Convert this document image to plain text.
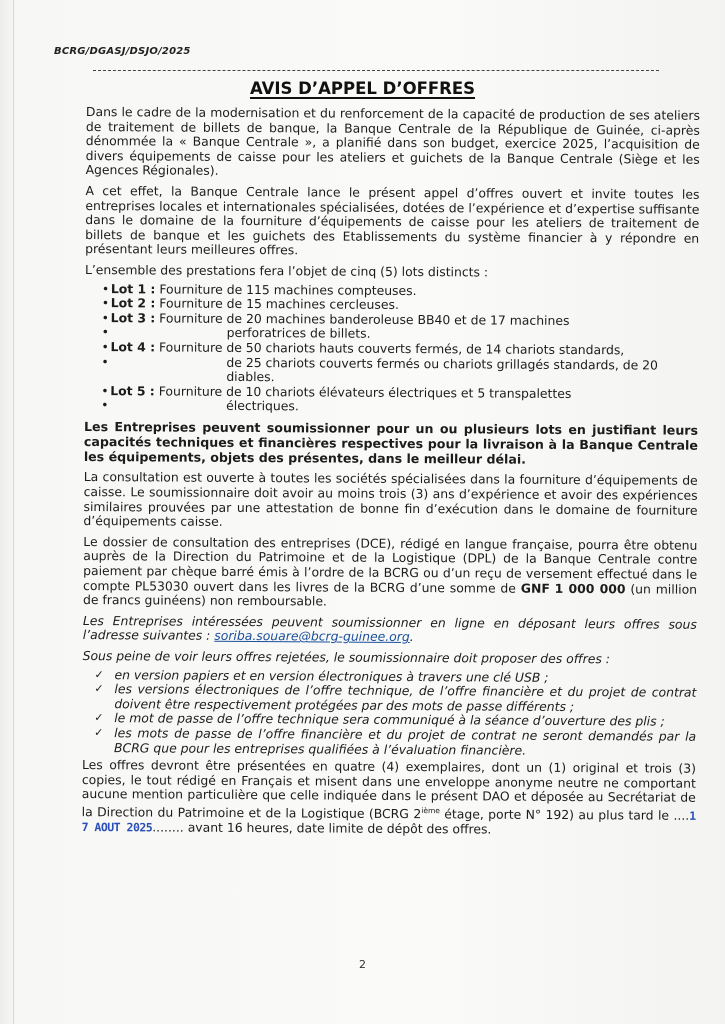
BCRG/DGASJ/DSJO/2025
AVIS D’APPEL D’OFFRES

Dans le cadre de la modernisation et du renforcement de la capacité de production de ses ateliers de traitement de billets de banque, la Banque Centrale de la République de Guinée, ci-après dénommée la « Banque Centrale », a planifié dans son budget, exercice 2025, l’acquisition de divers équipements de caisse pour les ateliers et guichets de la Banque Centrale (Siège et les Agences Régionales).

A cet effet, la Banque Centrale lance le présent appel d’offres ouvert et invite toutes les entreprises locales et internationales spécialisées, dotées de l’expérience et d’expertise suffisante dans le domaine de la fourniture d’équipements de caisse pour les ateliers de traitement de billets de banque et les guichets des Etablissements du système financier à y répondre en présentant leurs meilleures offres.

L’ensemble des prestations fera l’objet de cinq (5) lots distincts :

• Lot 1 : Fourniture de 115 machines compteuses.
• Lot 2 : Fourniture de 15 machines cercleuses.
• Lot 3 : Fourniture de 20 machines banderoleuse BB40 et de 17 machines
•	perforatrices de billets.
• Lot 4 : Fourniture de 50 chariots hauts couverts fermés, de 14 chariots standards,
•	de 25 chariots couverts fermés ou chariots grillagés standards, de 20 diables.
• Lot 5 : Fourniture de 10 chariots élévateurs électriques et 5 transpalettes
•	électriques.

Les Entreprises peuvent soumissionner pour un ou plusieurs lots en justifiant leurs capacités techniques et financières respectives pour la livraison à la Banque Centrale les équipements, objets des présentes, dans le meilleur délai.

La consultation est ouverte à toutes les sociétés spécialisées dans la fourniture d’équipements de caisse. Le soumissionnaire doit avoir au moins trois (3) ans d’expérience et avoir des expériences similaires prouvées par une attestation de bonne fin d’exécution dans le domaine de fourniture d’équipements caisse.

Le dossier de consultation des entreprises (DCE), rédigé en langue française, pourra être obtenu auprès de la Direction du Patrimoine et de la Logistique (DPL) de la Banque Centrale contre paiement par chèque barré émis à l’ordre de la BCRG ou d’un reçu de versement effectué dans le compte PL53030 ouvert dans les livres de la BCRG d’une somme de GNF 1 000 000 (un million de francs guinéens) non remboursable.

Les Entreprises intéressées peuvent soumissionner en ligne en déposant leurs offres sous l’adresse suivantes : soriba.souare@bcrg-guinee.org.

Sous peine de voir leurs offres rejetées, le soumissionnaire doit proposer des offres :

✓ en version papiers et en version électroniques à travers une clé USB ;
✓ les versions électroniques de l’offre technique, de l’offre financière et du projet de contrat doivent être respectivement protégées par des mots de passe différents ;
✓ le mot de passe de l’offre technique sera communiqué à la séance d’ouverture des plis ;
✓ les mots de passe de l’offre financière et du projet de contrat ne seront demandés par la BCRG que pour les entreprises qualifiées à l’évaluation financière.

Les offres devront être présentées en quatre (4) exemplaires, dont un (1) original et trois (3) copies, le tout rédigé en Français et misent dans une enveloppe anonyme neutre ne comportant aucune mention particulière que celle indiquée dans le présent DAO et déposée au Secrétariat de la Direction du Patrimoine et de la Logistique (BCRG 2ième étage, porte N° 192) au plus tard le ....1 7 AOUT 2025........ avant 16 heures, date limite de dépôt des offres.

2
